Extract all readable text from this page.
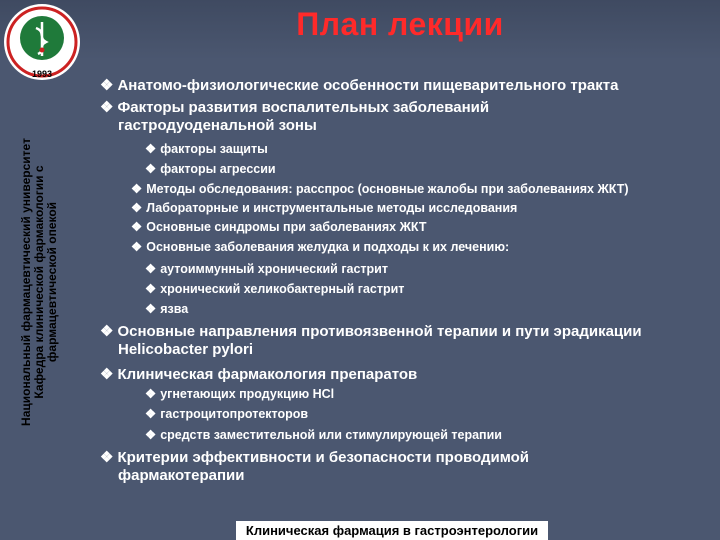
1993
План лекции
Национальный фармацевтический университет Кафедра клинической фармакологии с фармацевтической опекой
❖ Анатомо-физиологические особенности пищеварительного тракта
❖ Факторы развития воспалительных заболеваний
гастродуоденальной зоны
❖ факторы защиты
❖ факторы агрессии
❖ Методы обследования: расспрос (основные жалобы при заболеваниях ЖКТ)
❖ Лабораторные и инструментальные методы исследования
❖ Основные синдромы при заболеваниях ЖКТ
❖ Основные заболевания желудка и подходы к их лечению:
❖ аутоиммунный хронический гастрит
❖ хронический хеликобактерный гастрит
❖ язва
❖ Основные направления противоязвенной терапии и пути эрадикации
Helicobacter pylori
❖ Клиническая фармакология препаратов
❖ угнетающих продукцию HCl
❖ гастроцитопротекторов
❖ средств заместительной или стимулирующей терапии
❖ Критерии эффективности и безопасности проводимой
фармакотерапии
Клиническая фармация в гастроэнтерологии
